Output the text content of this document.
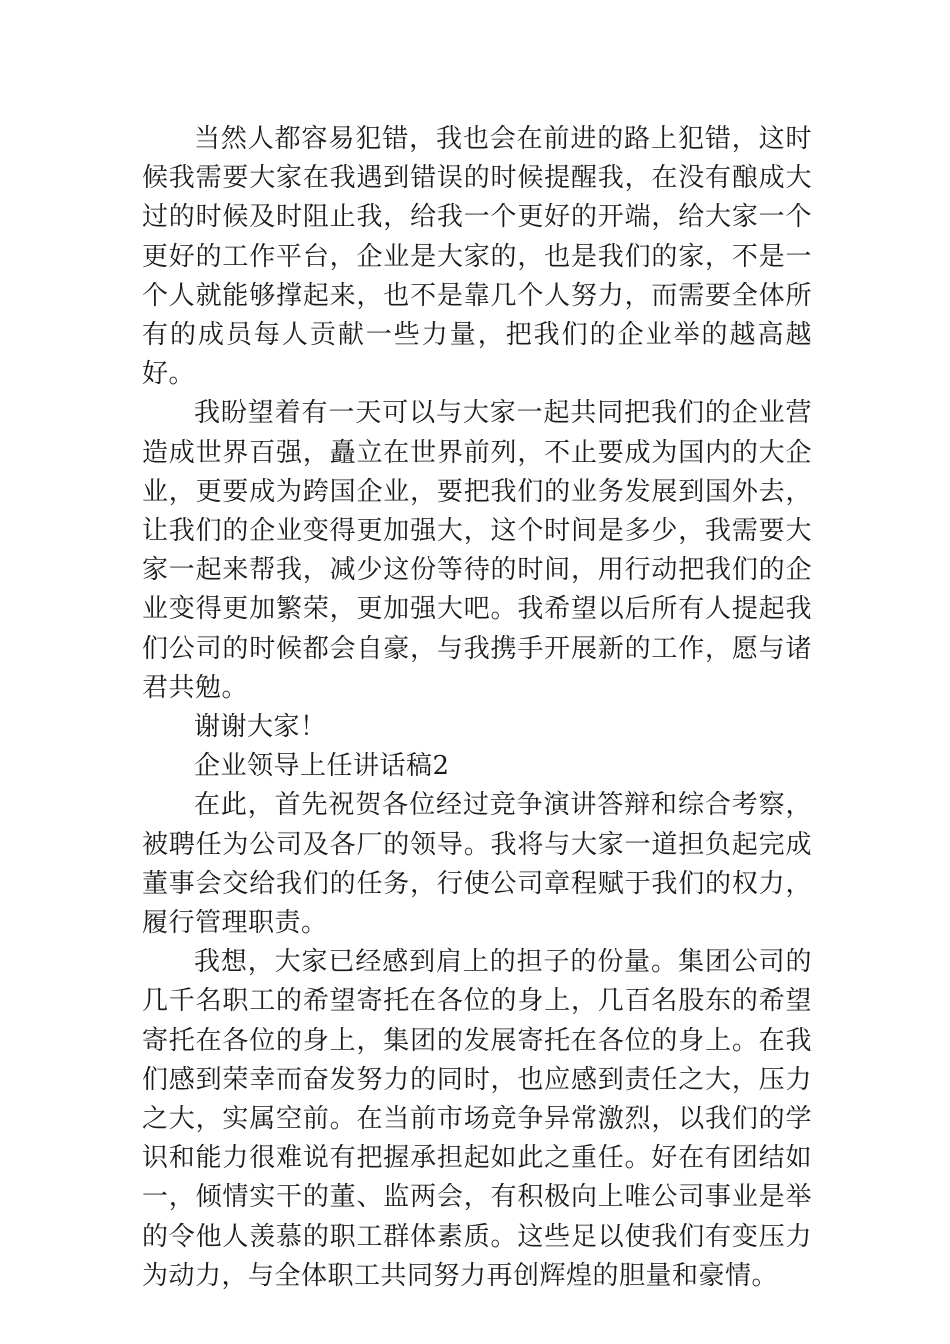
当然人都容易犯错，我也会在前进的路上犯错，这时候我需要大家在我遇到错误的时候提醒我，在没有酿成大过的时候及时阻止我，给我一个更好的开端，给大家一个更好的工作平台，企业是大家的，也是我们的家，不是一个人就能够撑起来，也不是靠几个人努力，而需要全体所有的成员每人贡献一些力量，把我们的企业举的越高越好。

我盼望着有一天可以与大家一起共同把我们的企业营造成世界百强，矗立在世界前列，不止要成为国内的大企业，更要成为跨国企业，要把我们的业务发展到国外去，让我们的企业变得更加强大，这个时间是多少，我需要大家一起来帮我，减少这份等待的时间，用行动把我们的企业变得更加繁荣，更加强大吧。我希望以后所有人提起我们公司的时候都会自豪，与我携手开展新的工作，愿与诸君共勉。

谢谢大家！

企业领导上任讲话稿2

在此，首先祝贺各位经过竞争演讲答辩和综合考察，被聘任为公司及各厂的领导。我将与大家一道担负起完成董事会交给我们的任务，行使公司章程赋于我们的权力，履行管理职责。

我想，大家已经感到肩上的担子的份量。集团公司的几千名职工的希望寄托在各位的身上，几百名股东的希望寄托在各位的身上，集团的发展寄托在各位的身上。在我们感到荣幸而奋发努力的同时，也应感到责任之大，压力之大，实属空前。在当前市场竞争异常激烈，以我们的学识和能力很难说有把握承担起如此之重任。好在有团结如一，倾情实干的董、监两会，有积极向上唯公司事业是举的令他人羡慕的职工群体素质。这些足以使我们有变压力为动力，与全体职工共同努力再创辉煌的胆量和豪情。
